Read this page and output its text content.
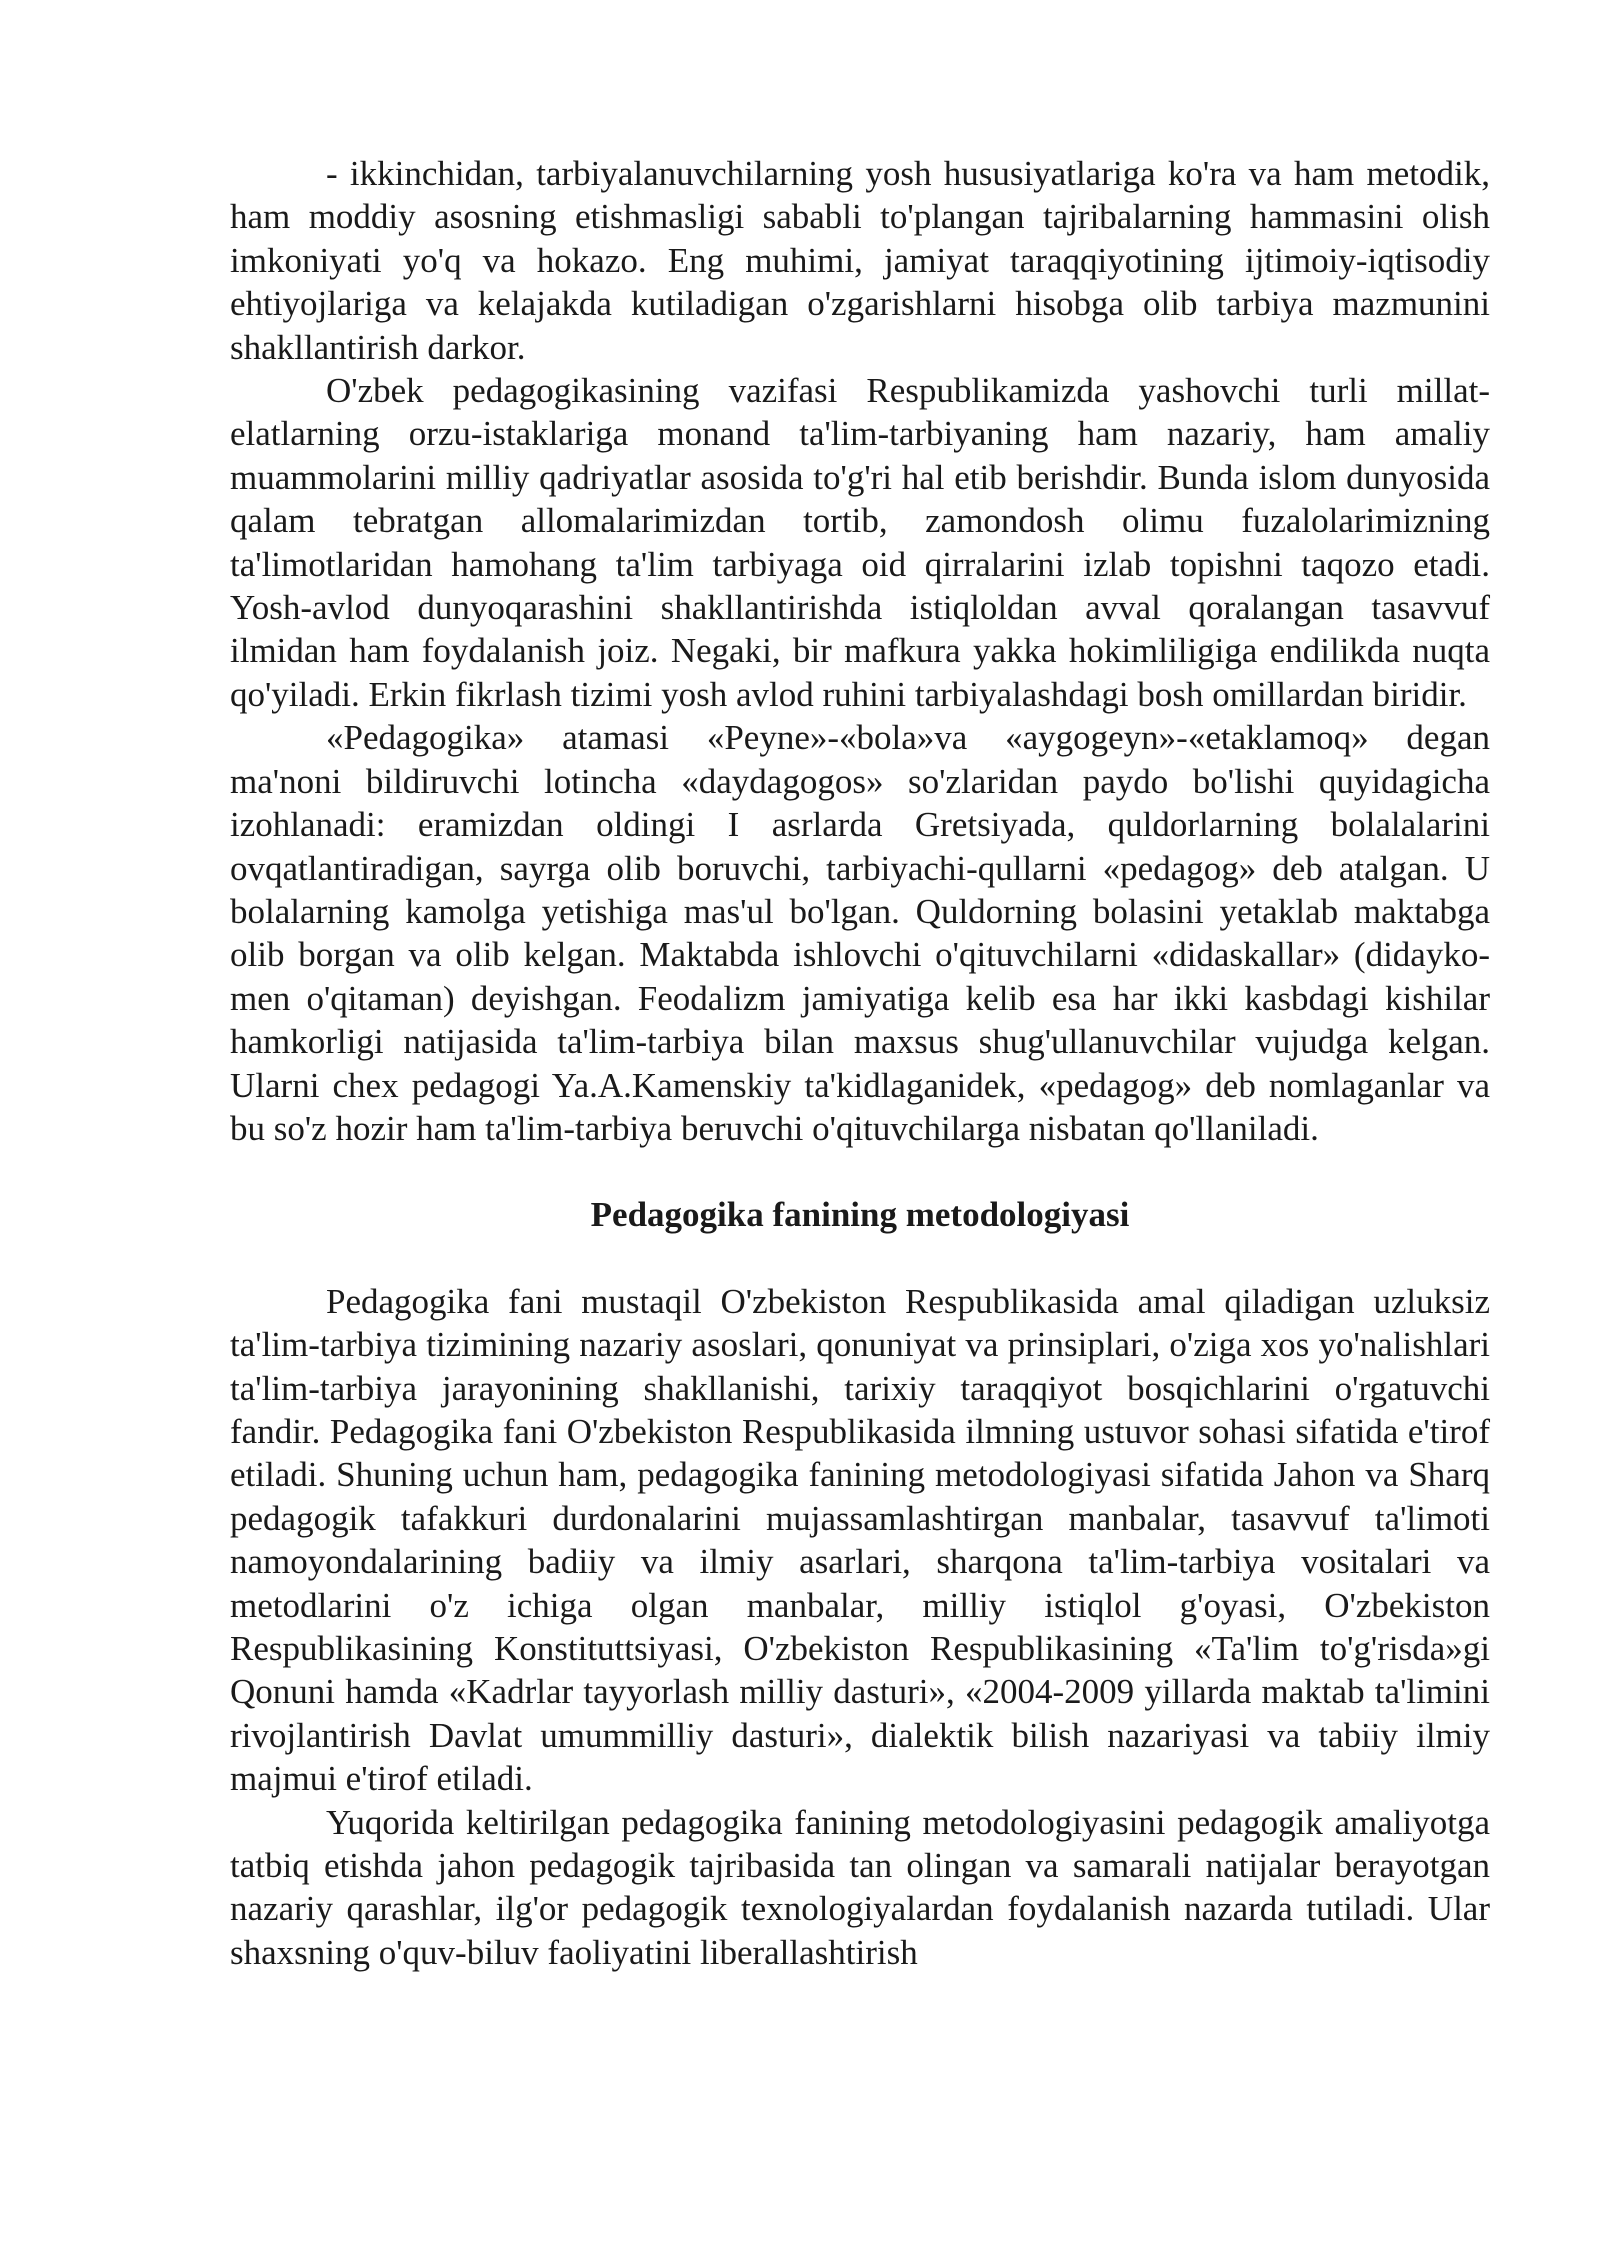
- ikkinchidan, tarbiyalanuvchilarning yosh hususiyatlariga ko'ra va ham metodik, ham moddiy asosning etishmasligi sababli to'plangan tajribalarning hammasini olish imkoniyati yo'q va hokazo. Eng muhimi, jamiyat taraqqiyotining ijtimoiy-iqtisodiy ehtiyojlariga va kelajakda kutiladigan o'zgarishlarni hisobga olib tarbiya mazmunini shakllantirish darkor.

O'zbek pedagogikasining vazifasi Respublikamizda yashovchi turli millat-elatlarning orzu-istaklariga monand ta'lim-tarbiyaning ham nazariy, ham amaliy muammolarini milliy qadriyatlar asosida to'g'ri hal etib berishdir. Bunda islom dunyosida qalam tebratgan allomalarimizdan tortib, zamondosh olimu fuzalolarimizning ta'limotlaridan hamohang ta'lim tarbiyaga oid qirralarini izlab topishni taqozo etadi. Yosh-avlod dunyoqarashini shakllantirishda istiqloldan avval qoralangan tasavvuf ilmidan ham foydalanish joiz. Negaki, bir mafkura yakka hokimliligiga endilikda nuqta qo'yiladi. Erkin fikrlash tizimi yosh avlod ruhini tarbiyalashdagi bosh omillardan biridir.

«Pedagogika» atamasi «Peyne»-«bola»va «aygogeyn»-«etaklamoq» degan ma'noni bildiruvchi lotincha «daydagogos» so'zlaridan paydo bo'lishi quyidagicha izohlanadi: eramizdan oldingi I asrlarda Gretsiyada, quldorlarning bolalalarini ovqatlantiradigan, sayrga olib boruvchi, tarbiyachi-qullarni «pedagog» deb atalgan. U bolalarning kamolga yetishiga mas'ul bo'lgan. Quldorning bolasini yetaklab maktabga olib borgan va olib kelgan. Maktabda ishlovchi o'qituvchilarni «didaskallar» (didayko-men o'qitaman) deyishgan. Feodalizm jamiyatiga kelib esa har ikki kasbdagi kishilar hamkorligi natijasida ta'lim-tarbiya bilan maxsus shug'ullanuvchilar vujudga kelgan. Ularni chex pedagogi Ya.A.Kamenskiy ta'kidlaganidek, «pedagog» deb nomlaganlar va bu so'z hozir ham ta'lim-tarbiya beruvchi o'qituvchilarga nisbatan qo'llaniladi.

Pedagogika fanining metodologiyasi

Pedagogika fani mustaqil O'zbekiston Respublikasida amal qiladigan uzluksiz ta'lim-tarbiya tizimining nazariy asoslari, qonuniyat va prinsiplari, o'ziga xos yo'nalishlari ta'lim-tarbiya jarayonining shakllanishi, tarixiy taraqqiyot bosqichlarini o'rgatuvchi fandir. Pedagogika fani O'zbekiston Respublikasida ilmning ustuvor sohasi sifatida e'tirof etiladi. Shuning uchun ham, pedagogika fanining metodologiyasi sifatida Jahon va Sharq pedagogik tafakkuri durdonalarini mujassamlashtirgan manbalar, tasavvuf ta'limoti namoyondalarining badiiy va ilmiy asarlari, sharqona ta'lim-tarbiya vositalari va metodlarini o'z ichiga olgan manbalar, milliy istiqlol g'oyasi, O'zbekiston Respublikasining Konstituttsiyasi, O'zbekiston Respublikasining «Ta'lim to'g'risda»gi Qonuni hamda «Kadrlar tayyorlash milliy dasturi», «2004-2009 yillarda maktab ta'limini rivojlantirish Davlat umummilliy dasturi», dialektik bilish nazariyasi va tabiiy ilmiy majmui e'tirof etiladi.

Yuqorida keltirilgan pedagogika fanining metodologiyasini pedagogik amaliyotga tatbiq etishda jahon pedagogik tajribasida tan olingan va samarali natijalar berayotgan nazariy qarashlar, ilg'or pedagogik texnologiyalardan foydalanish nazarda tutiladi. Ular shaxsning o'quv-biluv faoliyatini liberallashtirish
